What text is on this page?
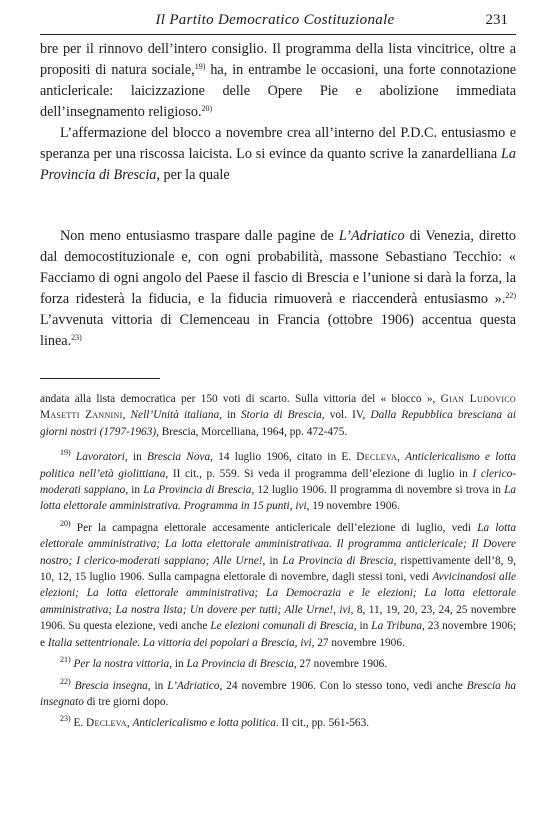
Il Partito Democratico Costituzionale	231

bre per il rinnovo dell’intero consiglio. Il programma della lista vincitrice, oltre a propositi di natura sociale,$^{19)}$ ha, in entrambe le occasioni, una forte connotazione anticlericale: laicizzazione delle Opere Pie e abolizione immediata dell’insegnamento religioso.$^{20)}$

L’affermazione del blocco a novembre crea all’interno del P.D.C. entusiasmo e speranza per una riscossa laicista. Lo si evince da quanto scrive la zanardelliana La Provincia di Brescia, per la quale

Non meno entusiasmo traspare dalle pagine de L’Adriatico di Venezia, diretto dal democostituzionale e, con ogni probabilità, massone Sebastiano Tecchio: « Facciamo di ogni angolo del Paese il fascio di Brescia e l’unione si darà la forza, la forza ridesterà la fiducia, e la fiducia rimuoverà e riaccenderà entusiasmo ».$^{22)}$ L’avvenuta vittoria di Clemenceau in Francia (ottobre 1906) accentua questa linea.$^{23)}$

andata alla lista democratica per 150 voti di scarto. Sulla vittoria del « blocco », Gian Ludovico Masetti Zannini, Nell’Unità italiana, in Storia di Brescia, vol. IV, Dalla Repubblica bresciana ai giorni nostri (1797-1963), Brescia, Morcelliana, 1964, pp. 472-475.

$^{19)}$ Lavoratori, in Brescia Nova, 14 luglio 1906, citato in E. Decleva, Anticlericalismo e lotta politica nell’età giolittiana, II cit., p. 559. Si veda il programma dell’elezione di luglio in I clerico-moderati sappiano, in La Provincia di Brescia, 12 luglio 1906. Il programma di novembre si trova in La lotta elettorale amministrativa. Programma in 15 punti, ivi, 19 novembre 1906.

$^{20)}$ Per la campagna elettorale accesamente anticlericale dell’elezione di luglio, vedi La lotta elettorale amministrativa; La lotta elettorale amministrativaa. Il programma anticlericale; Il Dovere nostro; I clerico-moderati sappiano; Alle Urne!, in La Provincia di Brescia, rispettivamente dell’8, 9, 10, 12, 15 luglio 1906. Sulla campagna elettorale di novembre, dagli stessi toni, vedi Avvicinandosi alle elezioni; La lotta elettorale amministrativa; La Democrazia e le elezioni; La lotta elettorale amministrativa; La nostra lista; Un dovere per tutti; Alle Urne!, ivi, 8, 11, 19, 20, 23, 24, 25 novembre 1906. Su questa elezione, vedi anche Le elezioni comunali di Brescia, in La Tribuna, 23 novembre 1906; e Italia settentrionale. La vittoria dei popolari a Brescia, ivi, 27 novembre 1906.

$^{21)}$ Per la nostra vittoria, in La Provincia di Brescia, 27 novembre 1906.

$^{22)}$ Brescia insegna, in L’Adriatico, 24 novembre 1906. Con lo stesso tono, vedi anche Brescia ha insegnato di tre giorni dopo.

$^{23)}$ E. Decleva, Anticlericalismo e lotta politica. II cit., pp. 561-563.
